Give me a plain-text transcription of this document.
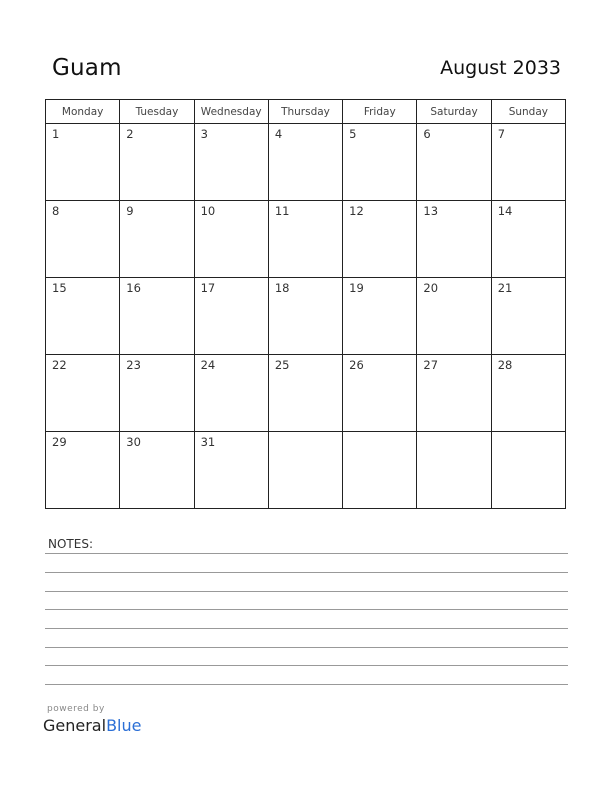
Guam	August 2033
Monday	Tuesday	Wednesday	Thursday	Friday	Saturday	Sunday

1	2	3	4	5	6	7

8	9	10	11	12	13	14

15	16	17	18	19	20	21

22	23	24	25	26	27	28

29	30	31				

NOTES:
powered by
GeneralBlue
